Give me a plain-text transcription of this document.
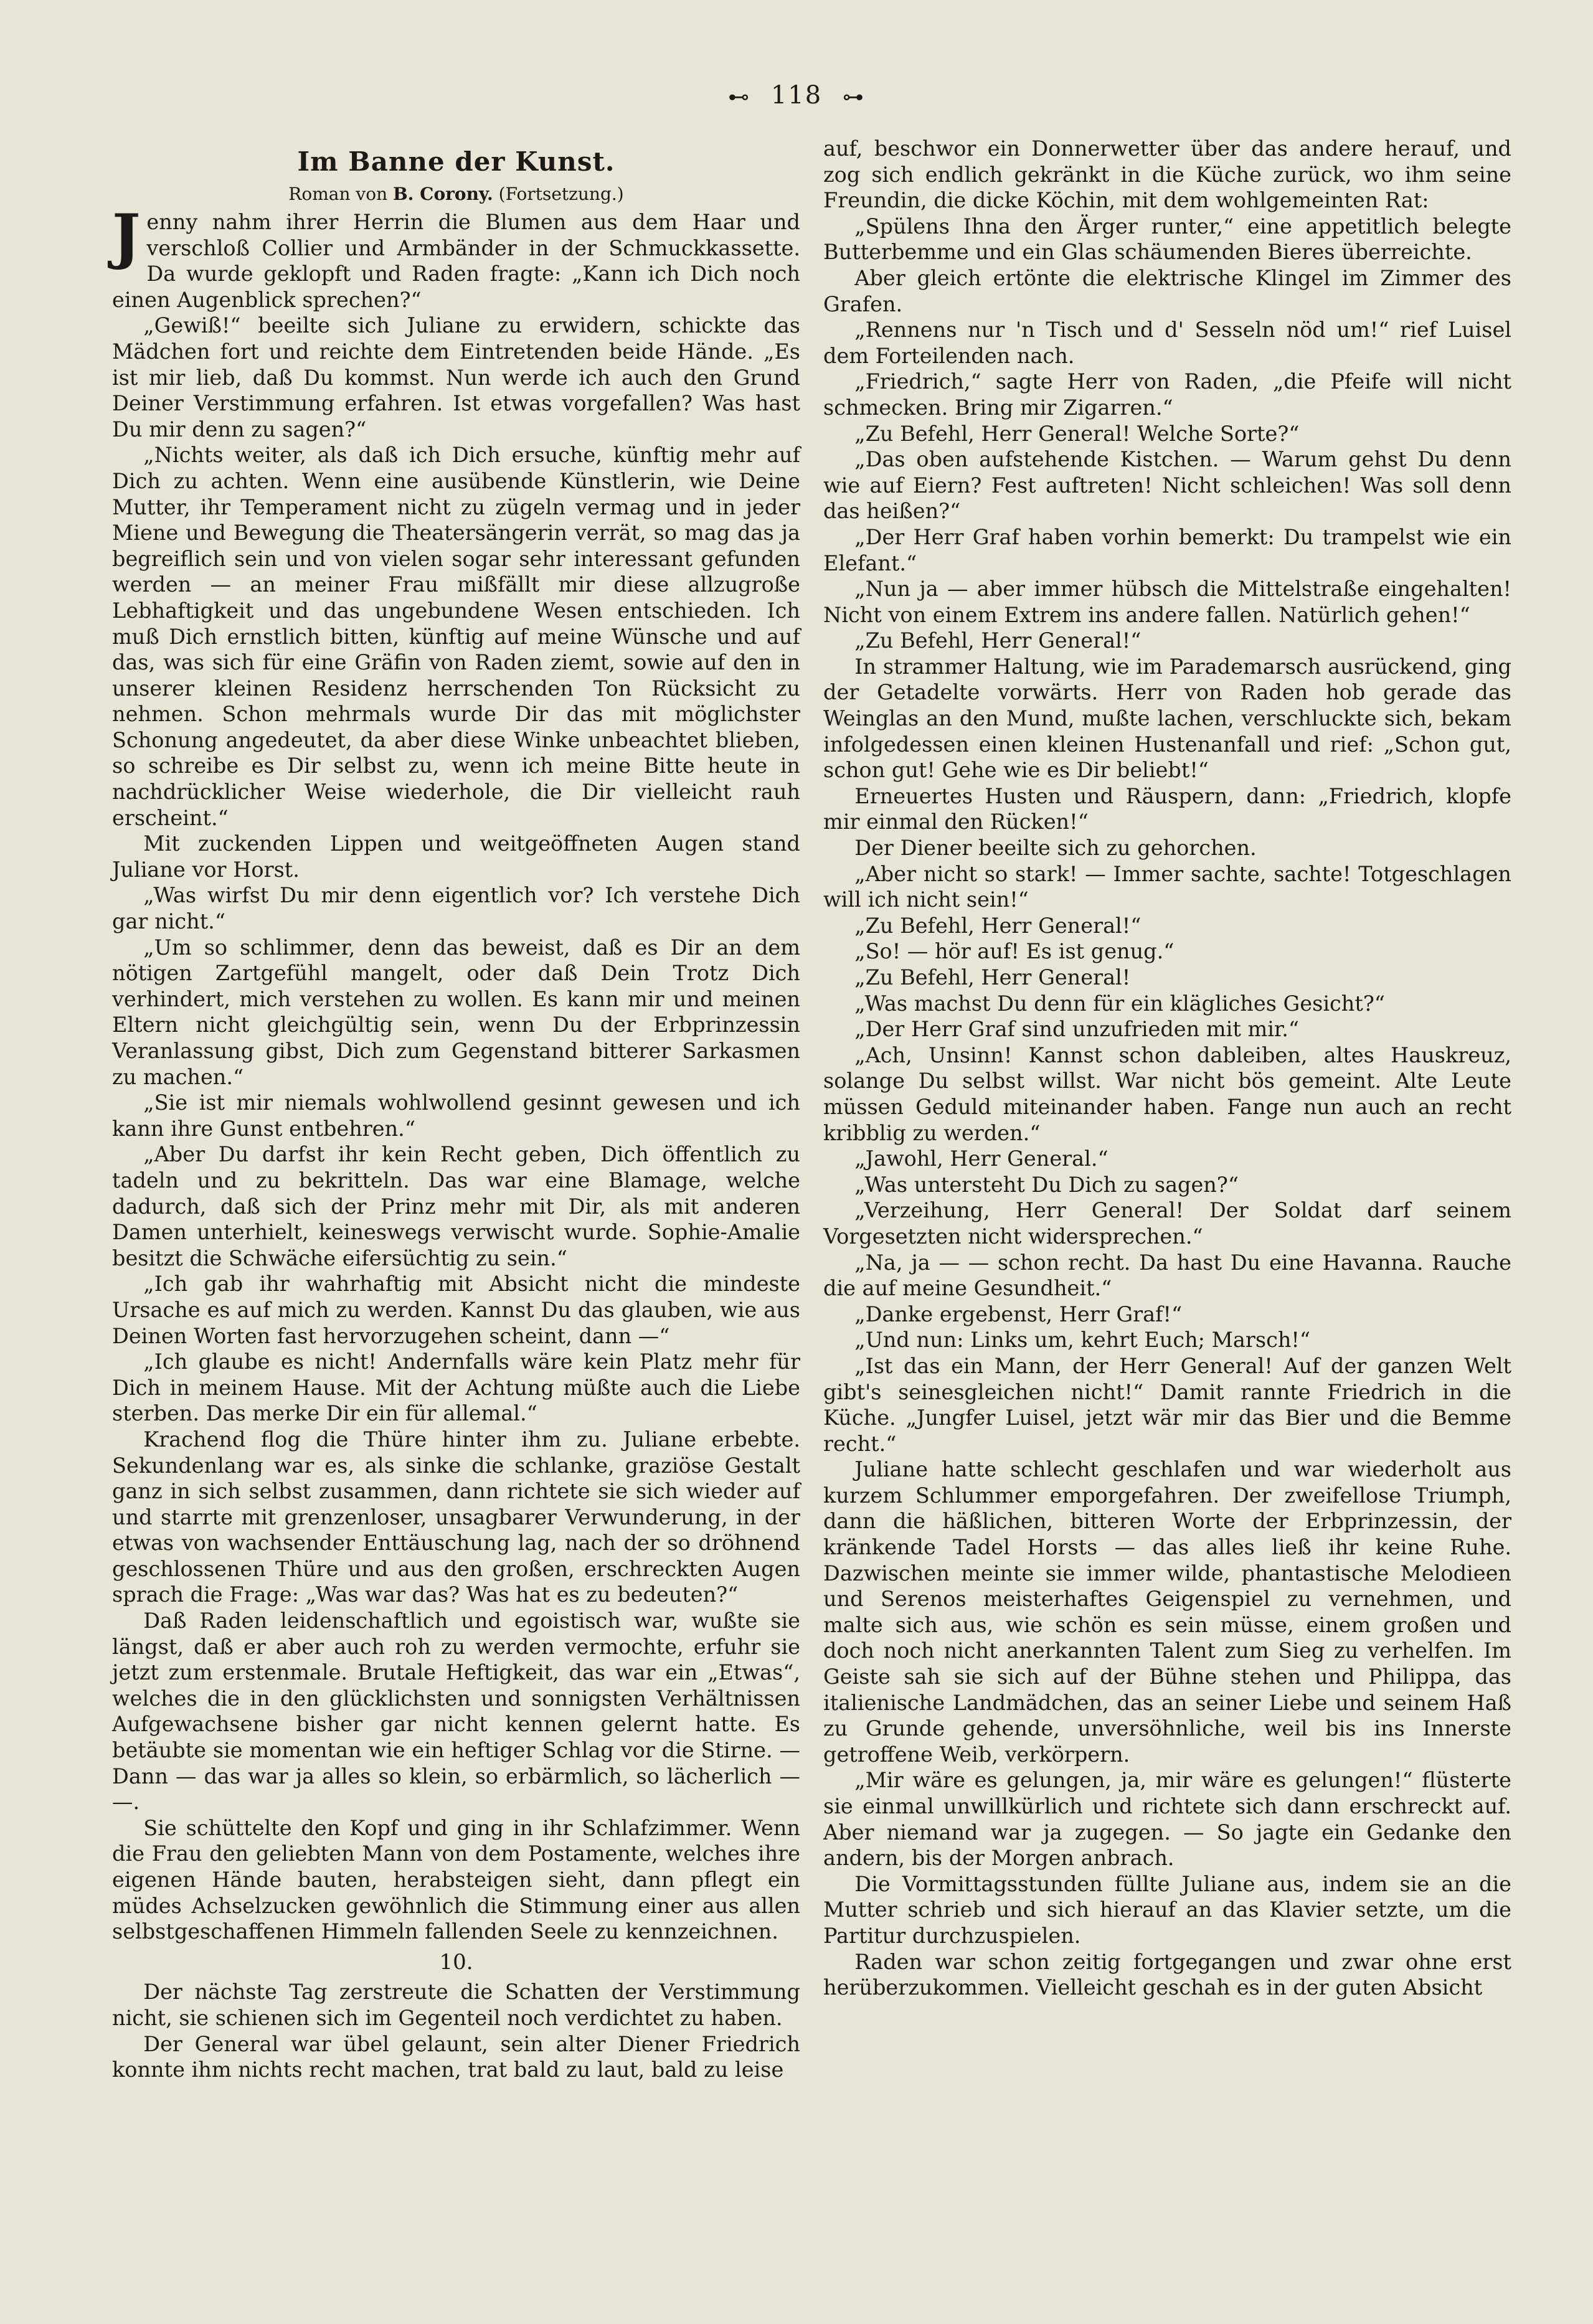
⊷ 118 ⊶
Im Banne der Kunst.
Roman von B. Corony. (Fortsetzung.)

Jenny nahm ihrer Herrin die Blumen aus dem Haar und verschloß Collier und Armbänder in der Schmuckkassette. Da wurde geklopft und Raden fragte: „Kann ich Dich noch einen Augenblick sprechen?“

„Gewiß!“ beeilte sich Juliane zu erwidern, schickte das Mädchen fort und reichte dem Eintretenden beide Hände. „Es ist mir lieb, daß Du kommst. Nun werde ich auch den Grund Deiner Verstimmung erfahren. Ist etwas vorgefallen? Was hast Du mir denn zu sagen?“

„Nichts weiter, als daß ich Dich ersuche, künftig mehr auf Dich zu achten. Wenn eine ausübende Künstlerin, wie Deine Mutter, ihr Temperament nicht zu zügeln vermag und in jeder Miene und Bewegung die Theatersängerin verrät, so mag das ja begreiflich sein und von vielen sogar sehr interessant gefunden werden — an meiner Frau mißfällt mir diese allzugroße Lebhaftigkeit und das ungebundene Wesen entschieden. Ich muß Dich ernstlich bitten, künftig auf meine Wünsche und auf das, was sich für eine Gräfin von Raden ziemt, sowie auf den in unserer kleinen Residenz herrschenden Ton Rücksicht zu nehmen. Schon mehrmals wurde Dir das mit möglichster Schonung angedeutet, da aber diese Winke unbeachtet blieben, so schreibe es Dir selbst zu, wenn ich meine Bitte heute in nachdrücklicher Weise wiederhole, die Dir vielleicht rauh erscheint.“

Mit zuckenden Lippen und weitgeöffneten Augen stand Juliane vor Horst.

„Was wirfst Du mir denn eigentlich vor? Ich verstehe Dich gar nicht.“

„Um so schlimmer, denn das beweist, daß es Dir an dem nötigen Zartgefühl mangelt, oder daß Dein Trotz Dich verhindert, mich verstehen zu wollen. Es kann mir und meinen Eltern nicht gleichgültig sein, wenn Du der Erbprinzessin Veranlassung gibst, Dich zum Gegenstand bitterer Sarkasmen zu machen.“

„Sie ist mir niemals wohlwollend gesinnt gewesen und ich kann ihre Gunst entbehren.“

„Aber Du darfst ihr kein Recht geben, Dich öffentlich zu tadeln und zu bekritteln. Das war eine Blamage, welche dadurch, daß sich der Prinz mehr mit Dir, als mit anderen Damen unterhielt, keineswegs verwischt wurde. Sophie-Amalie besitzt die Schwäche eifersüchtig zu sein.“

„Ich gab ihr wahrhaftig mit Absicht nicht die mindeste Ursache es auf mich zu werden. Kannst Du das glauben, wie aus Deinen Worten fast hervorzugehen scheint, dann —“

„Ich glaube es nicht! Andernfalls wäre kein Platz mehr für Dich in meinem Hause. Mit der Achtung müßte auch die Liebe sterben. Das merke Dir ein für allemal.“

Krachend flog die Thüre hinter ihm zu. Juliane erbebte. Sekundenlang war es, als sinke die schlanke, graziöse Gestalt ganz in sich selbst zusammen, dann richtete sie sich wieder auf und starrte mit grenzenloser, unsagbarer Verwunderung, in der etwas von wachsender Enttäuschung lag, nach der so dröhnend geschlossenen Thüre und aus den großen, erschreckten Augen sprach die Frage: „Was war das? Was hat es zu bedeuten?“

Daß Raden leidenschaftlich und egoistisch war, wußte sie längst, daß er aber auch roh zu werden vermochte, erfuhr sie jetzt zum erstenmale. Brutale Heftigkeit, das war ein „Etwas“, welches die in den glücklichsten und sonnigsten Verhältnissen Aufgewachsene bisher gar nicht kennen gelernt hatte. Es betäubte sie momentan wie ein heftiger Schlag vor die Stirne. — Dann — das war ja alles so klein, so erbärmlich, so lächerlich — —.

Sie schüttelte den Kopf und ging in ihr Schlafzimmer. Wenn die Frau den geliebten Mann von dem Postamente, welches ihre eigenen Hände bauten, herabsteigen sieht, dann pflegt ein müdes Achselzucken gewöhnlich die Stimmung einer aus allen selbstgeschaffenen Himmeln fallenden Seele zu kennzeichnen.

10.

Der nächste Tag zerstreute die Schatten der Verstimmung nicht, sie schienen sich im Gegenteil noch verdichtet zu haben.

Der General war übel gelaunt, sein alter Diener Friedrich konnte ihm nichts recht machen, trat bald zu laut, bald zu leise

auf, beschwor ein Donnerwetter über das andere herauf, und zog sich endlich gekränkt in die Küche zurück, wo ihm seine Freundin, die dicke Köchin, mit dem wohlgemeinten Rat:

„Spülens Ihna den Ärger runter,“ eine appetitlich belegte Butterbemme und ein Glas schäumenden Bieres überreichte.

Aber gleich ertönte die elektrische Klingel im Zimmer des Grafen.

„Rennens nur 'n Tisch und d' Sesseln nöd um!“ rief Luisel dem Forteilenden nach.

„Friedrich,“ sagte Herr von Raden, „die Pfeife will nicht schmecken. Bring mir Zigarren.“

„Zu Befehl, Herr General! Welche Sorte?“

„Das oben aufstehende Kistchen. — Warum gehst Du denn wie auf Eiern? Fest auftreten! Nicht schleichen! Was soll denn das heißen?“

„Der Herr Graf haben vorhin bemerkt: Du trampelst wie ein Elefant.“

„Nun ja — aber immer hübsch die Mittelstraße eingehalten! Nicht von einem Extrem ins andere fallen. Natürlich gehen!“

„Zu Befehl, Herr General!“

In strammer Haltung, wie im Parademarsch ausrückend, ging der Getadelte vorwärts. Herr von Raden hob gerade das Weinglas an den Mund, mußte lachen, verschluckte sich, bekam infolgedessen einen kleinen Hustenanfall und rief: „Schon gut, schon gut! Gehe wie es Dir beliebt!“

Erneuertes Husten und Räuspern, dann: „Friedrich, klopfe mir einmal den Rücken!“

Der Diener beeilte sich zu gehorchen.

„Aber nicht so stark! — Immer sachte, sachte! Totgeschlagen will ich nicht sein!“

„Zu Befehl, Herr General!“

„So! — hör auf! Es ist genug.“

„Zu Befehl, Herr General!

„Was machst Du denn für ein klägliches Gesicht?“

„Der Herr Graf sind unzufrieden mit mir.“

„Ach, Unsinn! Kannst schon dableiben, altes Hauskreuz, solange Du selbst willst. War nicht bös gemeint. Alte Leute müssen Geduld miteinander haben. Fange nun auch an recht kribblig zu werden.“

„Jawohl, Herr General.“

„Was untersteht Du Dich zu sagen?“

„Verzeihung, Herr General! Der Soldat darf seinem Vorgesetzten nicht widersprechen.“

„Na, ja — — schon recht. Da hast Du eine Havanna. Rauche die auf meine Gesundheit.“

„Danke ergebenst, Herr Graf!“

„Und nun: Links um, kehrt Euch; Marsch!“

„Ist das ein Mann, der Herr General! Auf der ganzen Welt gibt's seinesgleichen nicht!“ Damit rannte Friedrich in die Küche. „Jungfer Luisel, jetzt wär mir das Bier und die Bemme recht.“

Juliane hatte schlecht geschlafen und war wiederholt aus kurzem Schlummer emporgefahren. Der zweifellose Triumph, dann die häßlichen, bitteren Worte der Erbprinzessin, der kränkende Tadel Horsts — das alles ließ ihr keine Ruhe. Dazwischen meinte sie immer wilde, phantastische Melodieen und Serenos meisterhaftes Geigenspiel zu vernehmen, und malte sich aus, wie schön es sein müsse, einem großen und doch noch nicht anerkannten Talent zum Sieg zu verhelfen. Im Geiste sah sie sich auf der Bühne stehen und Philippa, das italienische Landmädchen, das an seiner Liebe und seinem Haß zu Grunde gehende, unversöhnliche, weil bis ins Innerste getroffene Weib, verkörpern.

„Mir wäre es gelungen, ja, mir wäre es gelungen!“ flüsterte sie einmal unwillkürlich und richtete sich dann erschreckt auf. Aber niemand war ja zugegen. — So jagte ein Gedanke den andern, bis der Morgen anbrach.

Die Vormittagsstunden füllte Juliane aus, indem sie an die Mutter schrieb und sich hierauf an das Klavier setzte, um die Partitur durchzuspielen.

Raden war schon zeitig fortgegangen und zwar ohne erst herüberzukommen. Vielleicht geschah es in der guten Absicht
